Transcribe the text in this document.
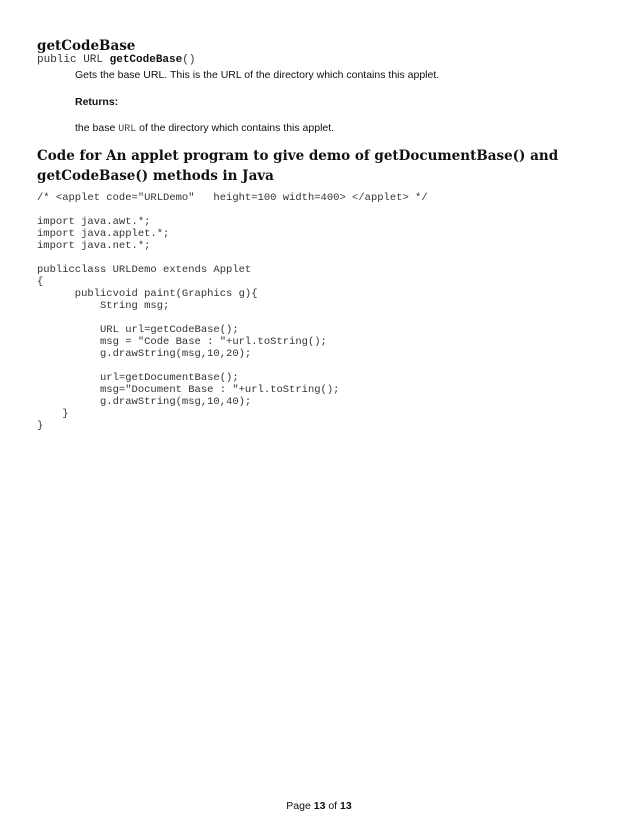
getCodeBase
public URL getCodeBase()
Gets the base URL. This is the URL of the directory which contains this applet.
Returns:
the base URL of the directory which contains this applet.
Code for An applet program to give demo of getDocumentBase() and getCodeBase() methods in Java
/* <applet code="URLDemo"   height=100 width=400> </applet> */
import java.awt.*;
import java.applet.*;
import java.net.*;
publicclass URLDemo extends Applet
{
publicvoid paint(Graphics g){
String msg;
URL url=getCodeBase();
msg = "Code Base : "+url.toString();
g.drawString(msg,10,20);
url=getDocumentBase();
msg="Document Base : "+url.toString();
g.drawString(msg,10,40);
}
}
Page 13 of 13
